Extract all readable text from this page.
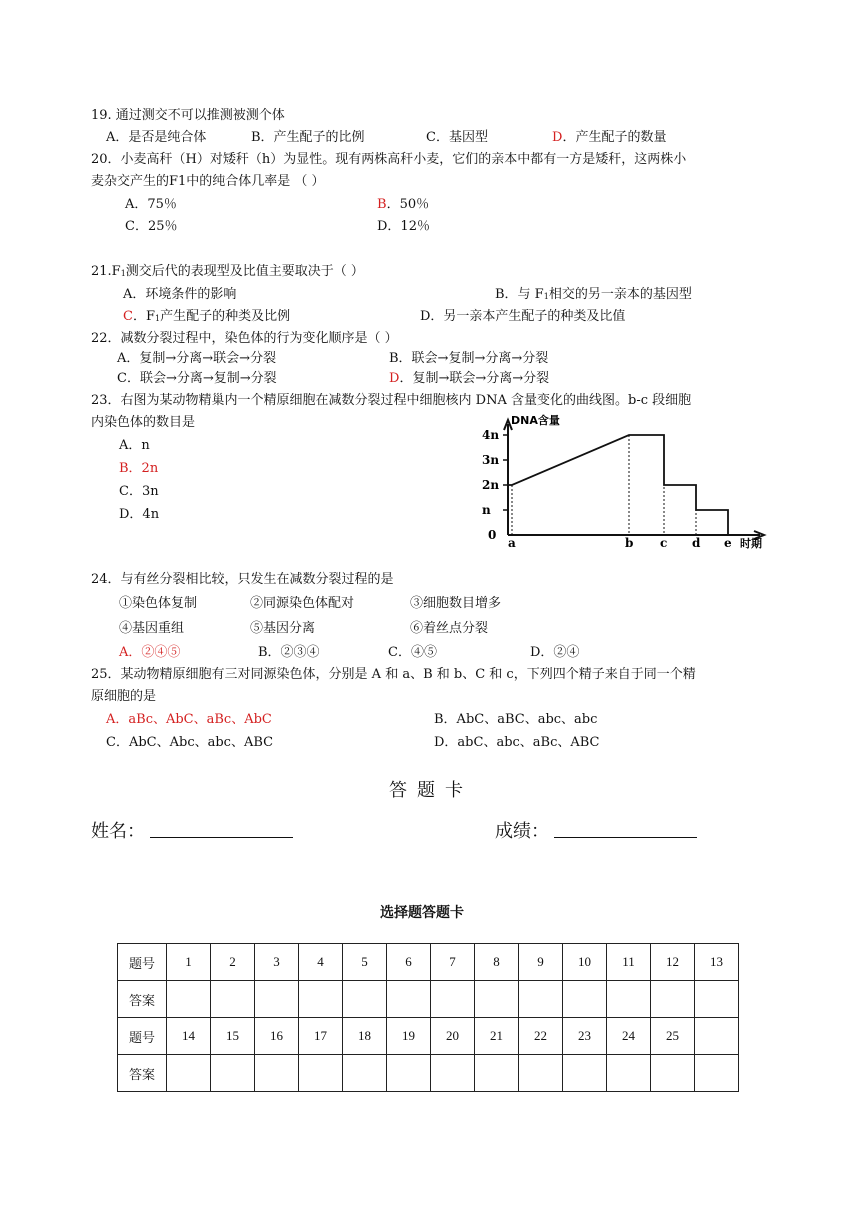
19. 通过测交不可以推测被测个体
A．是否是纯合体	B．产生配子的比例	C．基因型	D．产生配子的数量
20．小麦高秆（H）对矮秆（h）为显性。现有两株高秆小麦，它们的亲本中都有一方是矮秆，这两株小
麦杂交产生的F1中的纯合体几率是 （ ）
A．75％	B．50％
C．25％	D．12％
$21.F_1$测交后代的表现型及比值主要取决于（ ）
A．环境条件的影响	B．与 $F_1$相交的另一亲本的基因型
C．$F_1$产生配子的种类及比例	D．另一亲本产生配子的种类及比值
22．减数分裂过程中，染色体的行为变化顺序是（ ）
A．复制→分离→联会→分裂	B．联会→复制→分离→分裂
C．联会→分离→复制→分裂	D．复制→联会→分离→分裂
23．右图为某动物精巢内一个精原细胞在减数分裂过程中细胞核内 DNA 含量变化的曲线图。b-c 段细胞
内染色体的数目是
A．n
B．2n
C．3n
D．4n
DNA含量
0
n
2n
3n
4n
a	b c d e 时期
24．与有丝分裂相比较，只发生在减数分裂过程的是
①染色体复制	②同源染色体配对	③细胞数目增多
④基因重组	⑤基因分离	⑥着丝点分裂
A．②④⑤	B．②③④	C．④⑤	D．②④
25．某动物精原细胞有三对同源染色体，分别是 A 和 a、B 和 b、C 和 c，下列四个精子来自于同一个精
原细胞的是
A．aBc、AbC、aBc、AbC	B．AbC、aBC、abc、abc
C．AbC、Abc、abc、ABC	D．abC、abc、aBc、ABC
答题卡
姓名：	成绩：
选择题答题卡
题号	1	2	3	4	5	6	7	8	9	10	11	12	13
答案													
题号	14	15	16	17	18	19	20	21	22	23	24	25	
答案													
